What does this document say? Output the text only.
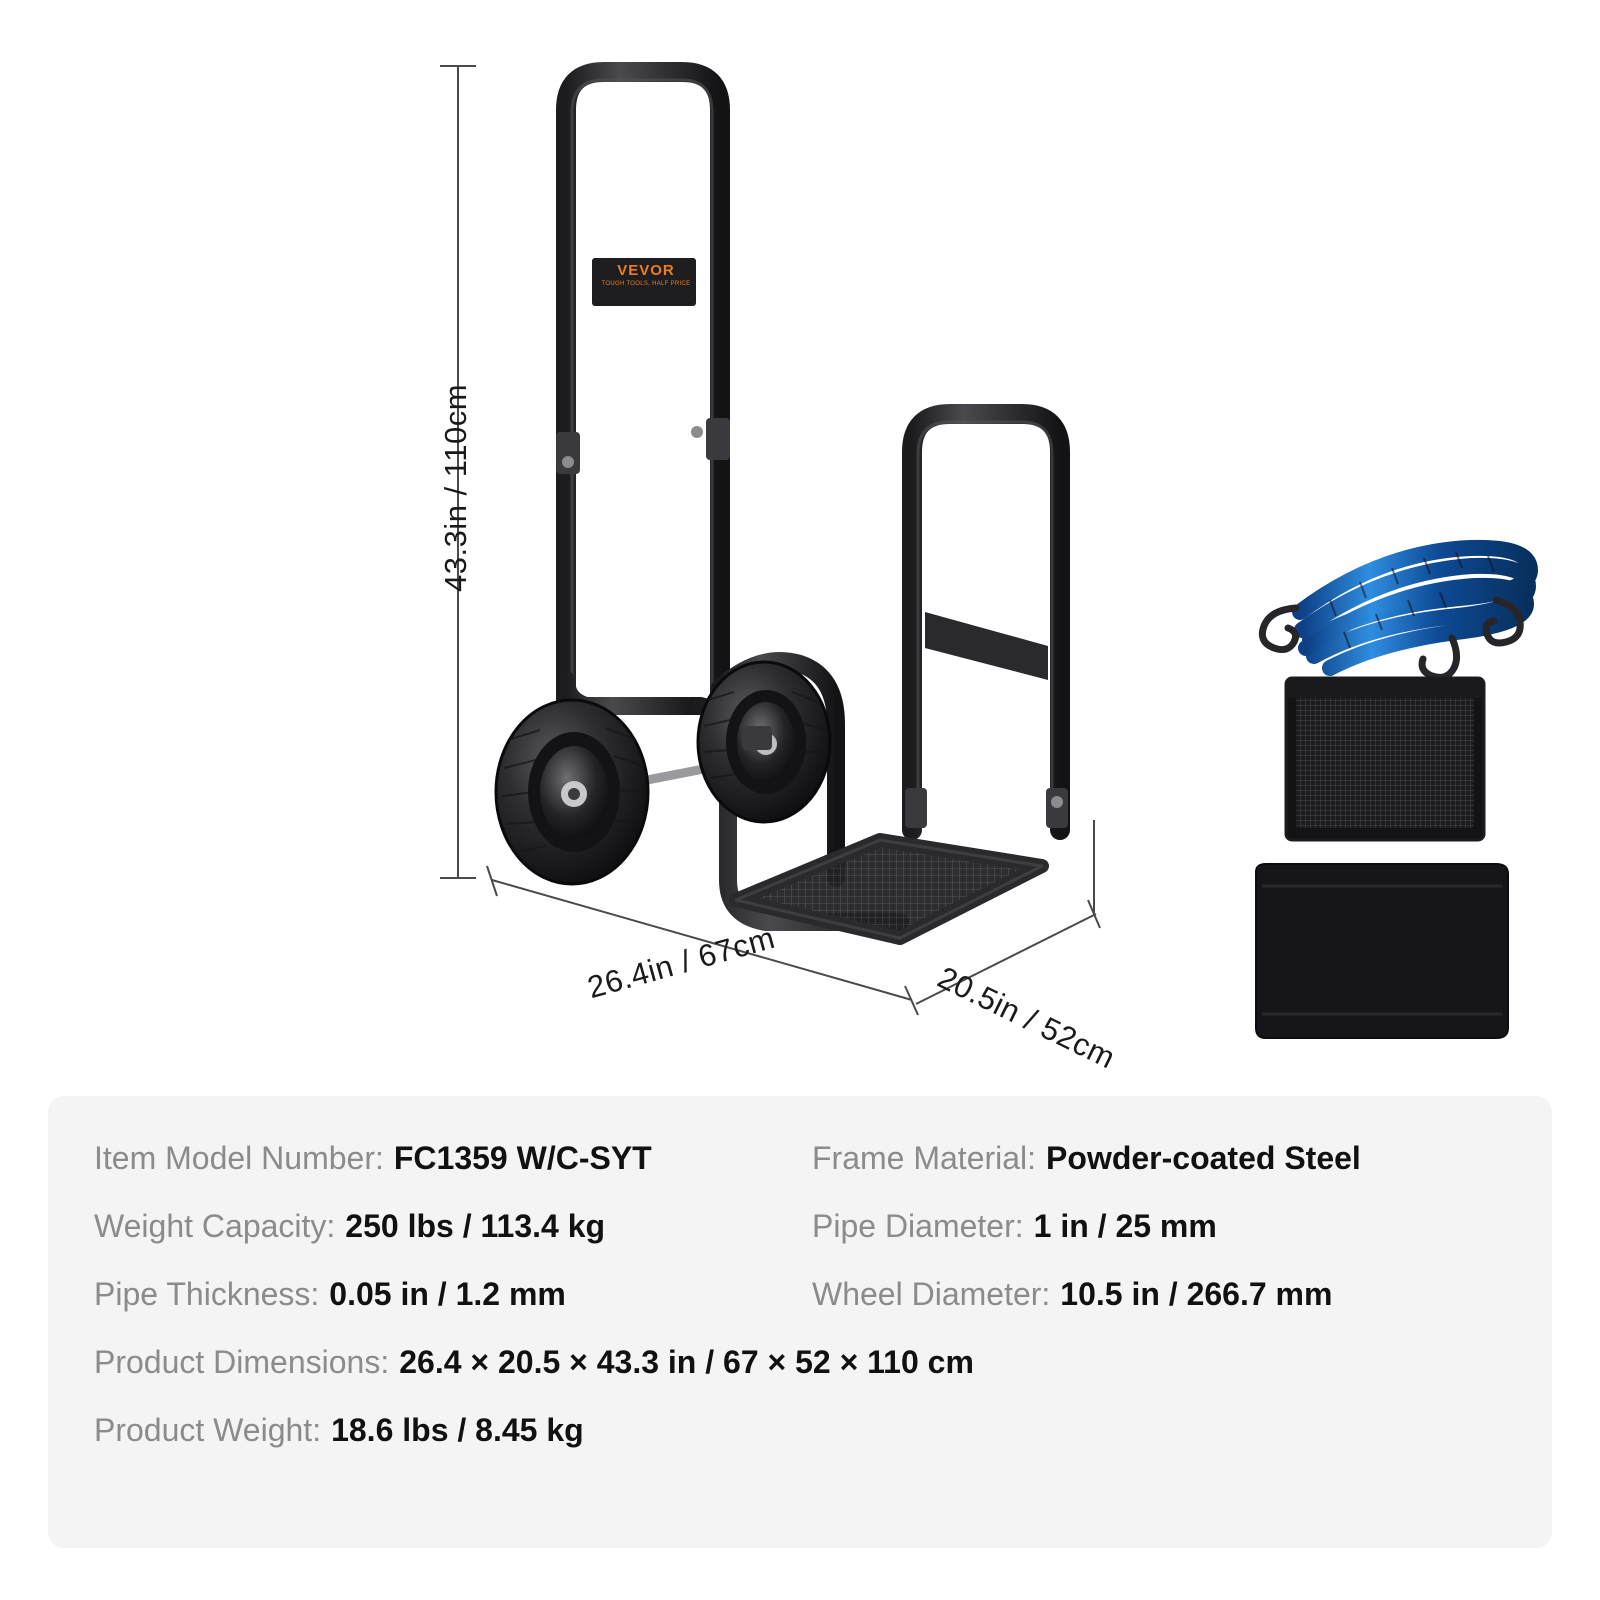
VEVOR
TOUGH TOOLS, HALF PRICE
43.3in / 110cm
26.4in / 67cm	20.5in / 52cm
Item Model Number: FC1359 W/C-SYT	Frame Material: Powder-coated Steel
Weight Capacity: 250 lbs / 113.4 kg	Pipe Diameter: 1 in / 25 mm
Pipe Thickness: 0.05 in / 1.2 mm	Wheel Diameter: 10.5 in / 266.7 mm
Product Dimensions: 26.4 × 20.5 × 43.3 in / 67 × 52 × 110 cm
Product Weight: 18.6 lbs / 8.45 kg
